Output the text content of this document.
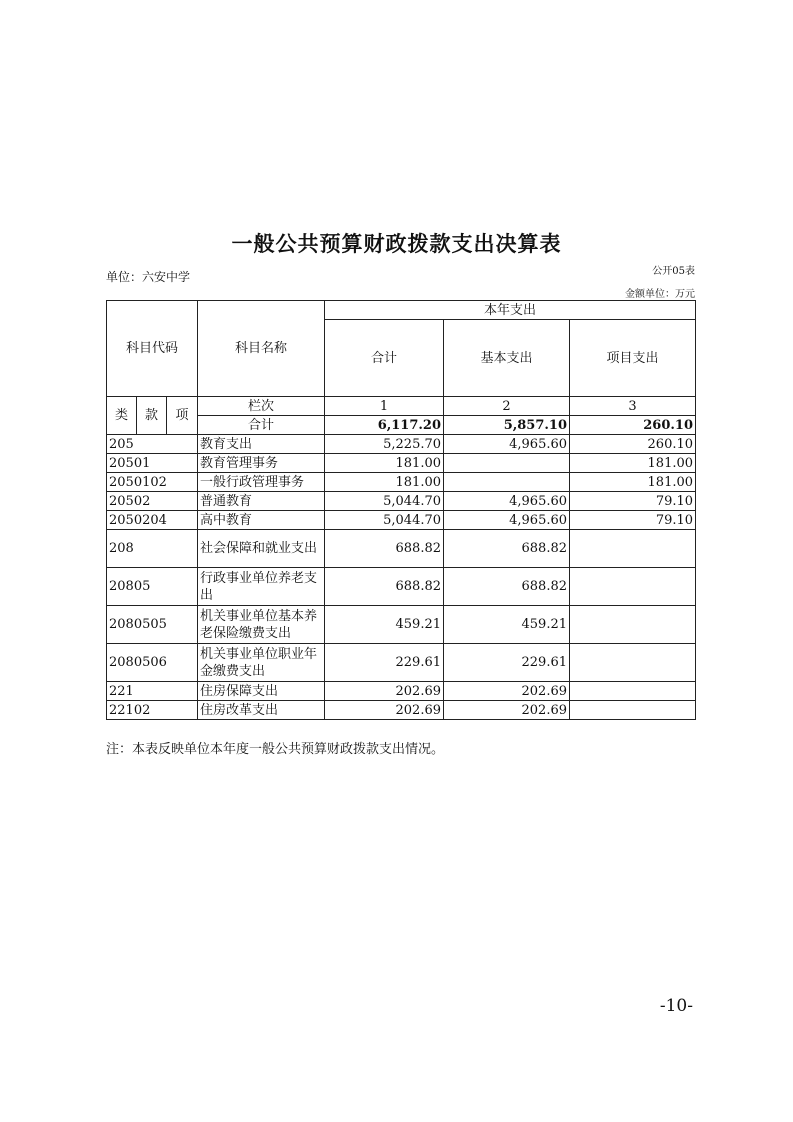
一般公共预算财政拨款支出决算表
单位：六安中学	公开05表
金额单位：万元
科目代码			科目名称	本年支出		
				合计	基本支出	项目支出
类	款	项	栏次	1	2	3
			合计	6,117.20	5,857.10	260.10
205			教育支出	5,225.70	4,965.60	260.10
20501			教育管理事务	181.00		181.00
2050102			一般行政管理事务	181.00		181.00
20502			普通教育	5,044.70	4,965.60	79.10
2050204			高中教育	5,044.70	4,965.60	79.10
208			社会保障和就业支出	688.82	688.82	
20805			行政事业单位养老支出	688.82	688.82	
2080505			机关事业单位基本养老保险缴费支出	459.21	459.21	
2080506			机关事业单位职业年金缴费支出	229.61	229.61	
221			住房保障支出	202.69	202.69	
22102			住房改革支出	202.69	202.69	
注：本表反映单位本年度一般公共预算财政拨款支出情况。
-10-
